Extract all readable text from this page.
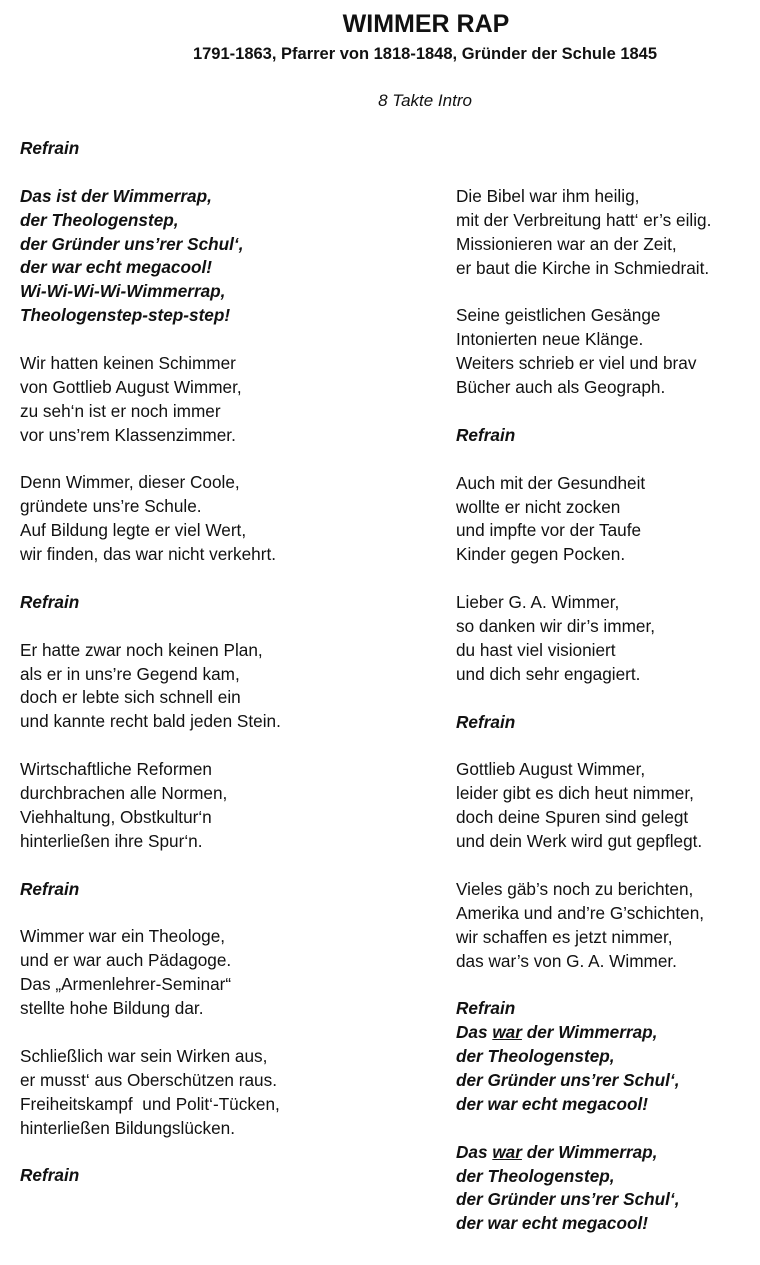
WIMMER RAP

1791-1863, Pfarrer von 1818-1848, Gründer der Schule 1845

8 Takte Intro

Refrain
Das ist der Wimmerrap,
der Theologenstep,
der Gründer uns’rer Schul‘,
der war echt megacool!
Wi-Wi-Wi-Wi-Wimmerrap,
Theologenstep-step-step!
Wir hatten keinen Schimmer
von Gottlieb August Wimmer,
zu seh‘n ist er noch immer
vor uns’rem Klassenzimmer.
Denn Wimmer, dieser Coole,
gründete uns’re Schule.
Auf Bildung legte er viel Wert,
wir finden, das war nicht verkehrt.
Refrain
Er hatte zwar noch keinen Plan,
als er in uns’re Gegend kam,
doch er lebte sich schnell ein
und kannte recht bald jeden Stein.
Wirtschaftliche Reformen
durchbrachen alle Normen,
Viehhaltung, Obstkultur‘n
hinterließen ihre Spur‘n.
Refrain
Wimmer war ein Theologe,
und er war auch Pädagoge.
Das „Armenlehrer-Seminar“
stellte hohe Bildung dar.
Schließlich war sein Wirken aus,
er musst‘ aus Oberschützen raus.
Freiheitskampf  und Polit‘-Tücken,
hinterließen Bildungslücken.
Refrain
Die Bibel war ihm heilig,
mit der Verbreitung hatt‘ er’s eilig.
Missionieren war an der Zeit,
er baut die Kirche in Schmiedrait.
Seine geistlichen Gesänge
Intonierten neue Klänge.
Weiters schrieb er viel und brav
Bücher auch als Geograph.
Refrain
Auch mit der Gesundheit
wollte er nicht zocken
und impfte vor der Taufe
Kinder gegen Pocken.
Lieber G. A. Wimmer,
so danken wir dir’s immer,
du hast viel visioniert
und dich sehr engagiert.
Refrain
Gottlieb August Wimmer,
leider gibt es dich heut nimmer,
doch deine Spuren sind gelegt
und dein Werk wird gut gepflegt.
Vieles gäb’s noch zu berichten,
Amerika und and’re G’schichten,
wir schaffen es jetzt nimmer,
das war’s von G. A. Wimmer.
Refrain
Das war der Wimmerrap,
der Theologenstep,
der Gründer uns’rer Schul‘,
der war echt megacool!
Das war der Wimmerrap,
der Theologenstep,
der Gründer uns’rer Schul‘,
der war echt megacool!
